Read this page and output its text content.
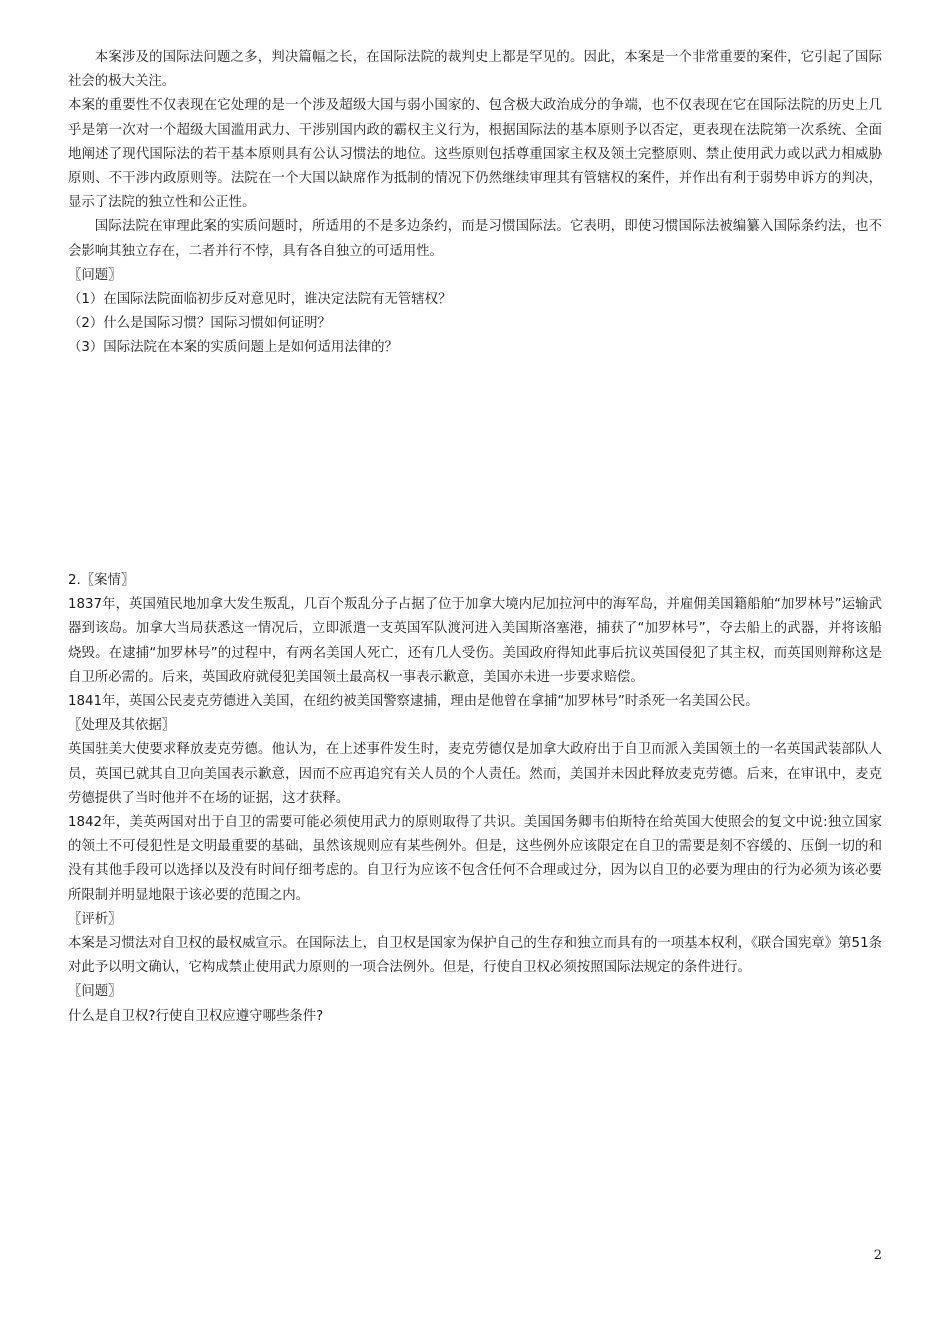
本案涉及的国际法问题之多，判决篇幅之长，在国际法院的裁判史上都是罕见的。因此，本案是一个非常重要的案件，它引起了国际社会的极大关注。

本案的重要性不仅表现在它处理的是一个涉及超级大国与弱小国家的、包含极大政治成分的争端，也不仅表现在它在国际法院的历史上几乎是第一次对一个超级大国滥用武力、干涉别国内政的霸权主义行为，根据国际法的基本原则予以否定，更表现在法院第一次系统、全面地阐述了现代国际法的若干基本原则具有公认习惯法的地位。这些原则包括尊重国家主权及领土完整原则、禁止使用武力或以武力相威胁原则、不干涉内政原则等。法院在一个大国以缺席作为抵制的情况下仍然继续审理其有管辖权的案件，并作出有利于弱势申诉方的判决，显示了法院的独立性和公正性。

国际法院在审理此案的实质问题时，所适用的不是多边条约，而是习惯国际法。它表明，即使习惯国际法被编纂入国际条约法，也不会影响其独立存在，二者并行不悖，具有各自独立的可适用性。

〖问题〗

（1）在国际法院面临初步反对意见时，谁决定法院有无管辖权？

（2）什么是国际习惯？国际习惯如何证明？

（3）国际法院在本案的实质问题上是如何适用法律的？

2.〖案情〗

1837年，英国殖民地加拿大发生叛乱，几百个叛乱分子占据了位于加拿大境内尼加拉河中的海军岛，并雇佣美国籍船舶“加罗林号”运输武器到该岛。加拿大当局获悉这一情况后，立即派遣一支英国军队渡河进入美国斯洛塞港，捕获了“加罗林号”，夺去船上的武器，并将该船烧毁。在逮捕“加罗林号”的过程中，有两名美国人死亡，还有几人受伤。美国政府得知此事后抗议英国侵犯了其主权，而英国则辩称这是自卫所必需的。后来，英国政府就侵犯美国领土最高权一事表示歉意，美国亦未进一步要求赔偿。

1841年，英国公民麦克劳德进入美国，在纽约被美国警察逮捕，理由是他曾在拿捕“加罗林号”时杀死一名美国公民。

〖处理及其依据〗

英国驻美大使要求释放麦克劳德。他认为，在上述事件发生时，麦克劳德仅是加拿大政府出于自卫而派入美国领土的一名英国武装部队人员，英国已就其自卫向美国表示歉意，因而不应再追究有关人员的个人责任。然而，美国并未因此释放麦克劳德。后来，在审讯中，麦克劳德提供了当时他并不在场的证据，这才获释。

1842年，美英两国对出于自卫的需要可能必须使用武力的原则取得了共识。美国国务卿韦伯斯特在给英国大使照会的复文中说:独立国家的领土不可侵犯性是文明最重要的基础，虽然该规则应有某些例外。但是，这些例外应该限定在自卫的需要是刻不容缓的、压倒一切的和没有其他手段可以选择以及没有时间仔细考虑的。自卫行为应该不包含任何不合理或过分，因为以自卫的必要为理由的行为必须为该必要所限制并明显地限于该必要的范围之内。

〖评析〗

本案是习惯法对自卫权的最权威宣示。在国际法上，自卫权是国家为保护自己的生存和独立而具有的一项基本权利，《联合国宪章》第51条对此予以明文确认，它构成禁止使用武力原则的一项合法例外。但是，行使自卫权必须按照国际法规定的条件进行。

〖问题〗

什么是自卫权?行使自卫权应遵守哪些条件?

2
